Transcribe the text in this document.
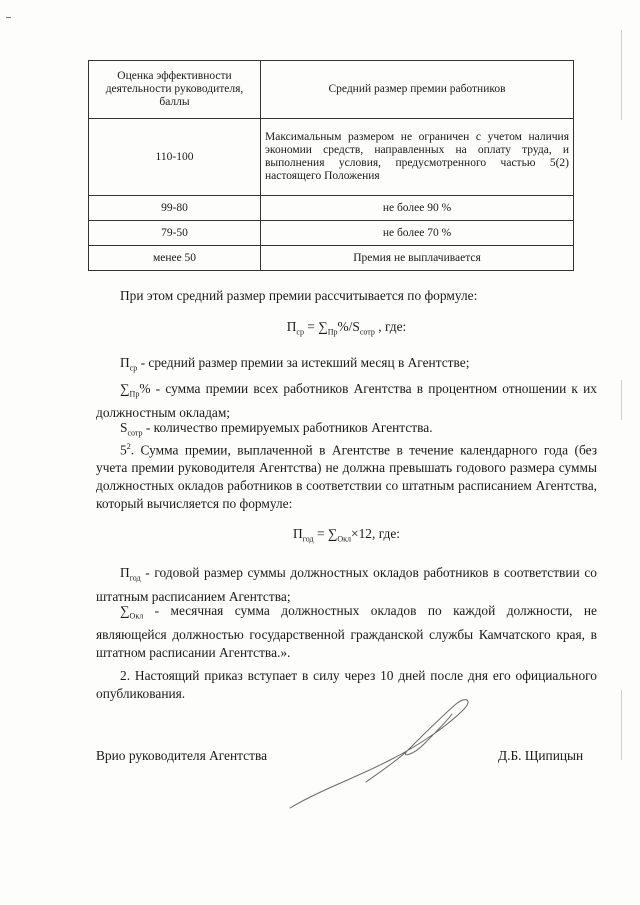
Оценка эффективности деятельности руководителя, баллы	Средний размер премии работников
110-100	Максимальным размером не ограничен с учетом наличия экономии средств, направленных на оплату труда, и выполнения условия, предусмотренного частью 5(2) настоящего Положения
99-80	не более 90 %
79-50	не более 70 %
менее 50	Премия не выплачивается
При этом средний размер премии рассчитывается по формуле:
$П_{ср} = \sum_{Пр}\%/S_{сотр}$ , где:
$П_{ср}$ - средний размер премии за истекший месяц в Агентстве;
$\sum_{Пр}\%$ - сумма премии всех работников Агентства в процентном отношении к их должностным окладам;
$S_{сотр}$ - количество премируемых работников Агентства.
$5^2$. Сумма премии, выплаченной в Агентстве в течение календарного года (без учета премии руководителя Агентства) не должна превышать годового размера суммы должностных окладов работников в соответствии со штатным расписанием Агентства, который вычисляется по формуле:
$П_{год} = \sum_{Окл}\times 12$, где:
$П_{год}$ - годовой размер суммы должностных окладов работников в соответствии со штатным расписанием Агентства;
$\sum_{Окл}$ - месячная сумма должностных окладов по каждой должности, не являющейся должностью государственной гражданской службы Камчатского края, в штатном расписании Агентства.».
2. Настоящий приказ вступает в силу через 10 дней после дня его официального опубликования.
Врио руководителя Агентства	Д.Б. Щипицын
